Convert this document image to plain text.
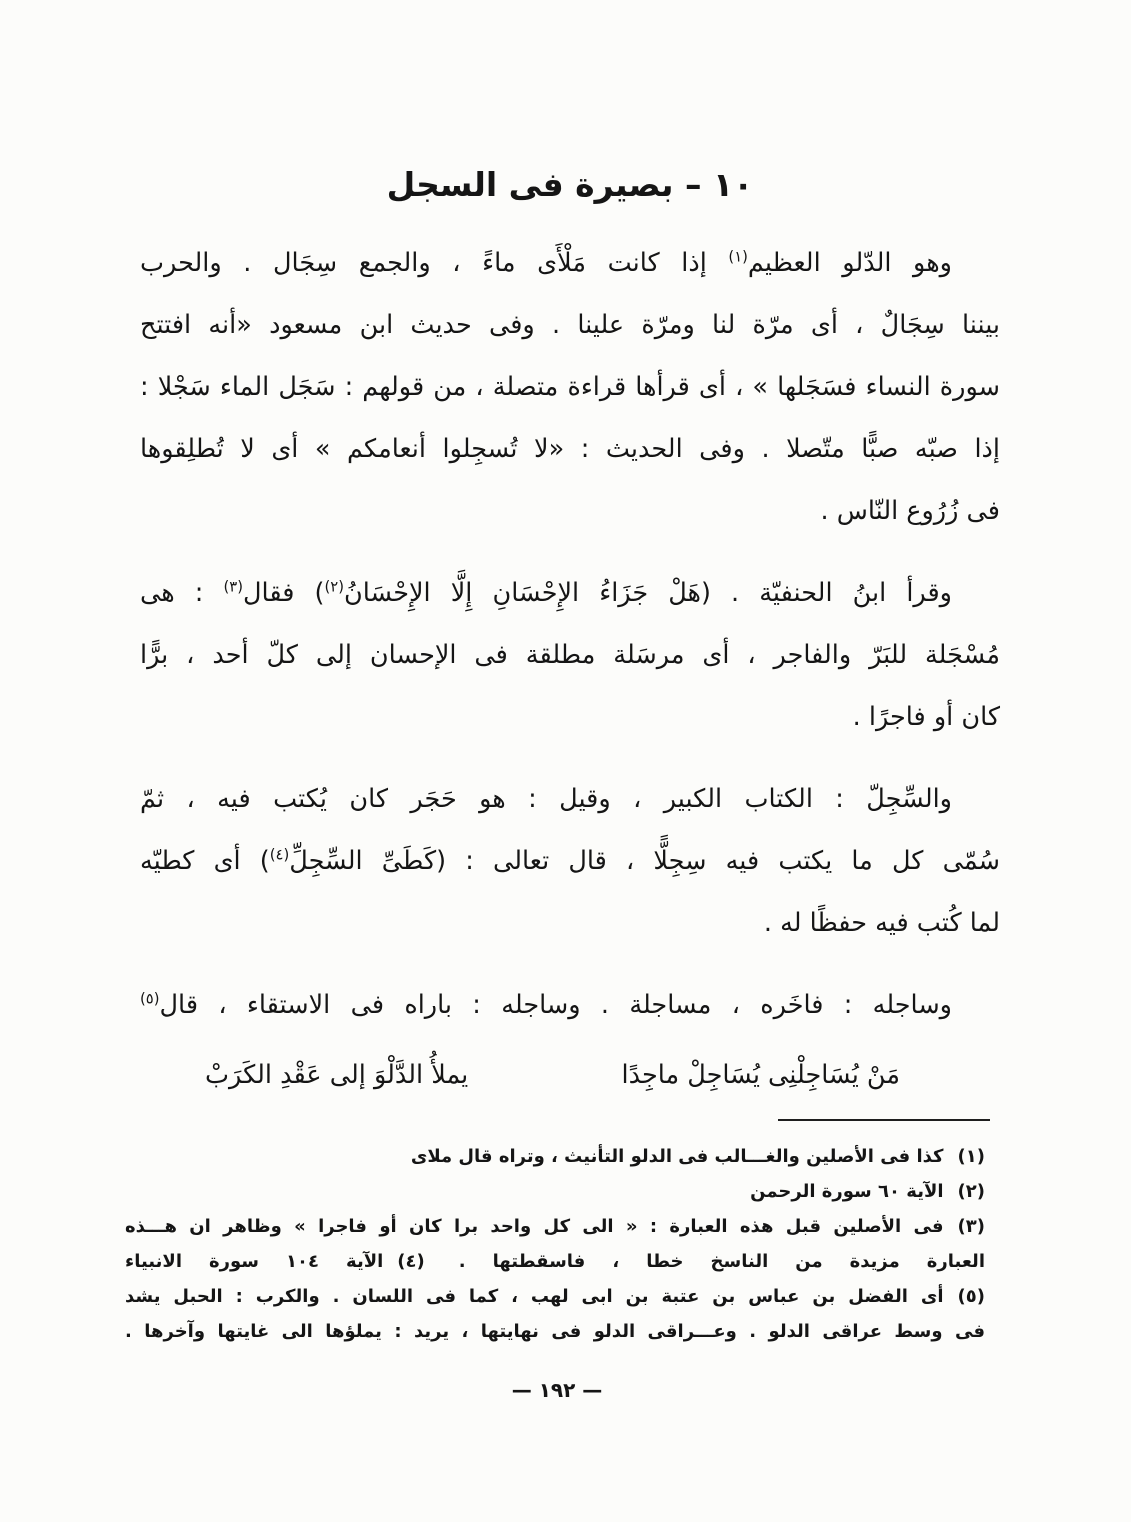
١٠ – بصيرة فى السجل
وهو الدّلو العظيم$^{(١)}$ إذا كانت مَلْأَى ماءً ، والجمع سِجَال . والحرب
بيننا سِجَالٌ ، أى مرّة لنا ومرّة علينا . وفى حديث ابن مسعود «أنه افتتح
سورة النساء فسَجَلها » ، أى قرأها قراءة متصلة ، من قولهم : سَجَل الماء سَجْلا :
إذا صبّه صبًّا متّصلا . وفى الحديث : «لا تُسجِلوا أنعامكم » أى لا تُطلِقوها
فى زُرُوع النّاس .
وقرأ ابنُ الحنفيّة . (هَلْ جَزَاءُ الإِحْسَانِ إِلَّا الإِحْسَانُ$^{(٢)}$) فقال$^{(٣)}$ : هى
مُسْجَلة للبَرّ والفاجر ، أى مرسَلة مطلقة فى الإحسان إلى كلّ أحد ، برًّا
كان أو فاجرًا .
والسِّجِلّ : الكتاب الكبير ، وقيل : هو حَجَر كان يُكتب فيه ، ثمّ
سُمّى كل ما يكتب فيه سِجِلًّا ، قال تعالى : (كَطَىِّ السِّجِلِّ$^{(٤)}$) أى كطيّه
لما كُتب فيه حفظًا له .
وساجله : فاخَره ، مساجلة . وساجله : باراه فى الاستقاء ، قال$^{(٥)}$
مَنْ يُسَاجِلْنِى يُسَاجِلْ ماجِدًا
يملأُ الدَّلْوَ إلى عَقْدِ الكَرَبْ
(١)كذا فى الأصلين والغـــالب فى الدلو التأنيث ، وتراه قال ملاى
(٢)الآية ٦٠ سورة الرحمن
(٣)فى الأصلين قبل هذه العبارة : « الى كل واحد برا كان أو فاجرا » وظاهر ان هـــذه
العبارة مزيدة من الناسخ خطا ، فاسقطتها .(٤)الآية ١٠٤ سورة الانبياء
(٥)أى الفضل بن عباس بن عتبة بن ابى لهب ، كما فى اللسان . والكرب : الحبل يشد
فى وسط عراقى الدلو . وعـــراقى الدلو فى نهايتها ، يريد : يملؤها الى غايتها وآخرها .
— ١٩٢ —
